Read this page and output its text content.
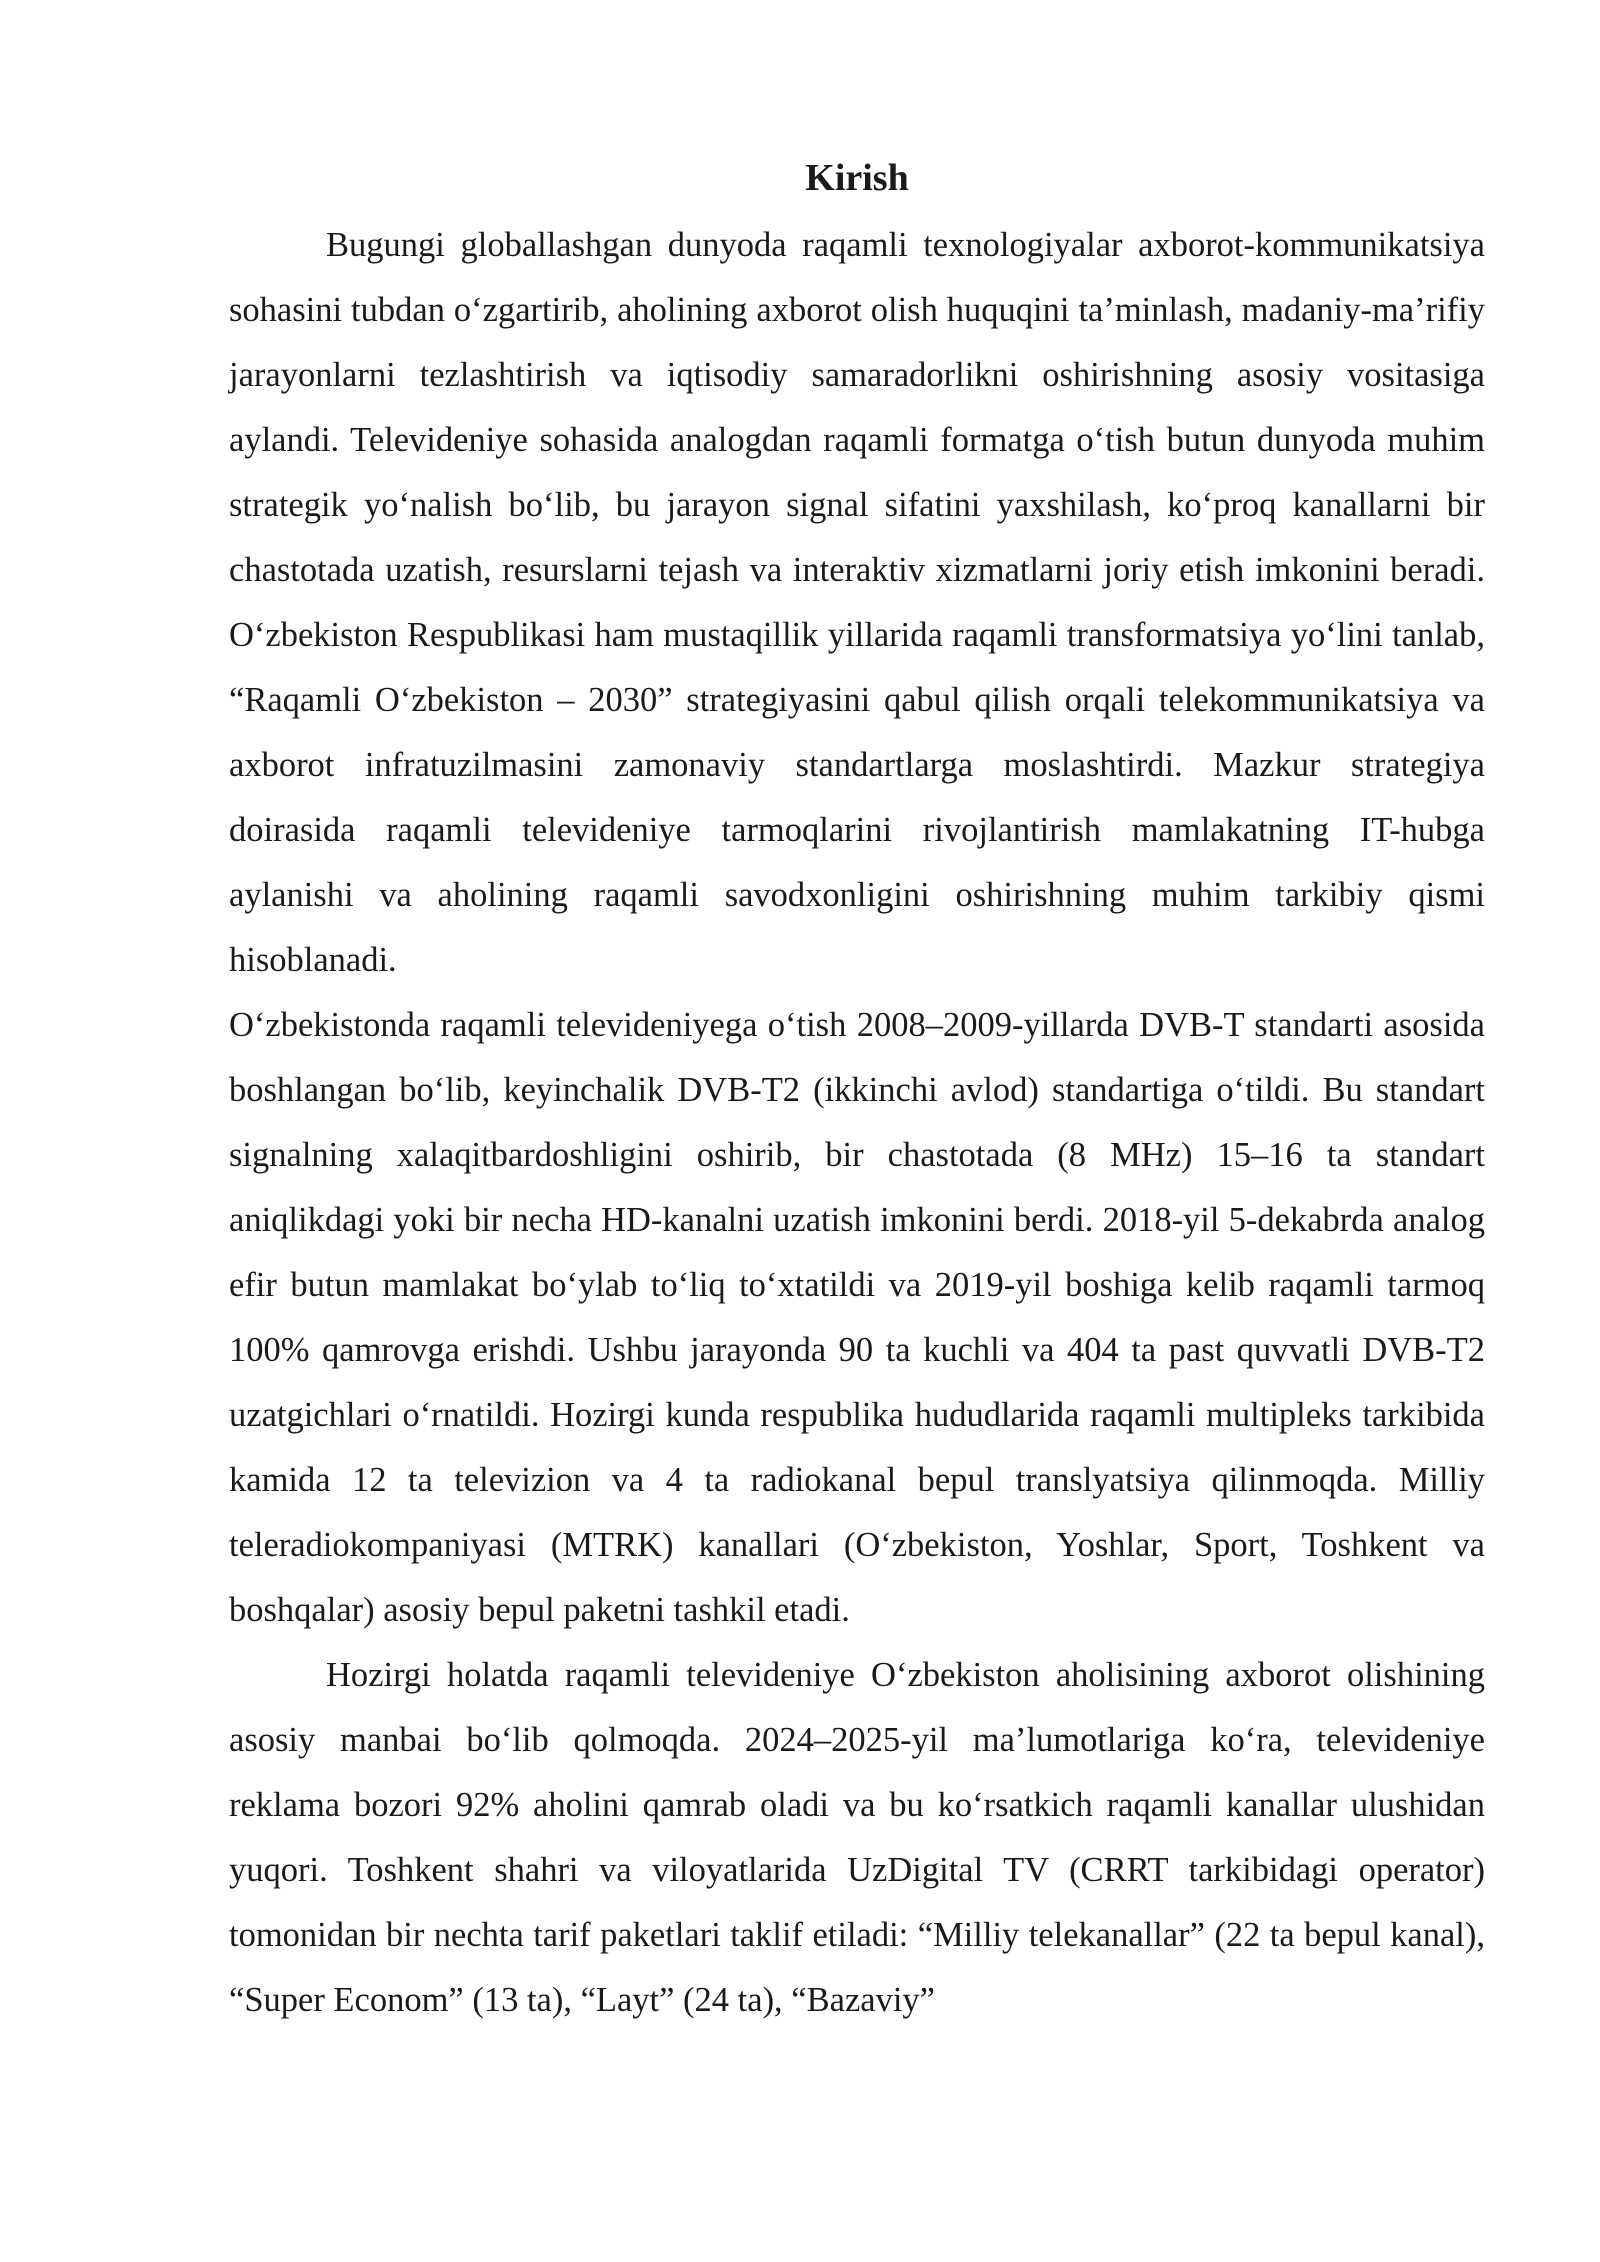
Kirish

Bugungi globallashgan dunyoda raqamli texnologiyalar axborot-kommunikatsiya sohasini tubdan o‘zgartirib, aholining axborot olish huquqini ta’minlash, madaniy-ma’rifiy jarayonlarni tezlashtirish va iqtisodiy samaradorlikni oshirishning asosiy vositasiga aylandi. Televideniye sohasida analogdan raqamli formatga o‘tish butun dunyoda muhim strategik yo‘nalish bo‘lib, bu jarayon signal sifatini yaxshilash, ko‘proq kanallarni bir chastotada uzatish, resurslarni tejash va interaktiv xizmatlarni joriy etish imkonini beradi. O‘zbekiston Respublikasi ham mustaqillik yillarida raqamli transformatsiya yo‘lini tanlab, “Raqamli O‘zbekiston – 2030” strategiyasini qabul qilish orqali telekommunikatsiya va axborot infratuzilmasini zamonaviy standartlarga moslashtirdi. Mazkur strategiya doirasida raqamli televideniye tarmoqlarini rivojlantirish mamlakatning IT-hubga aylanishi va aholining raqamli savodxonligini oshirishning muhim tarkibiy qismi hisoblanadi.

O‘zbekistonda raqamli televideniyega o‘tish 2008–2009-yillarda DVB-T standarti asosida boshlangan bo‘lib, keyinchalik DVB-T2 (ikkinchi avlod) standartiga o‘tildi. Bu standart signalning xalaqitbardoshligini oshirib, bir chastotada (8 MHz) 15–16 ta standart aniqlikdagi yoki bir necha HD-kanalni uzatish imkonini berdi. 2018-yil 5-dekabrda analog efir butun mamlakat bo‘ylab to‘liq to‘xtatildi va 2019-yil boshiga kelib raqamli tarmoq 100% qamrovga erishdi. Ushbu jarayonda 90 ta kuchli va 404 ta past quvvatli DVB-T2 uzatgichlari o‘rnatildi. Hozirgi kunda respublika hududlarida raqamli multipleks tarkibida kamida 12 ta televizion va 4 ta radiokanal bepul translyatsiya qilinmoqda. Milliy teleradiokompaniyasi (MTRK) kanallari (O‘zbekiston, Yoshlar, Sport, Toshkent va boshqalar) asosiy bepul paketni tashkil etadi.

Hozirgi holatda raqamli televideniye O‘zbekiston aholisining axborot olishining asosiy manbai bo‘lib qolmoqda. 2024–2025-yil ma’lumotlariga ko‘ra, televideniye reklama bozori 92% aholini qamrab oladi va bu ko‘rsatkich raqamli kanallar ulushidan yuqori. Toshkent shahri va viloyatlarida UzDigital TV (CRRT tarkibidagi operator) tomonidan bir nechta tarif paketlari taklif etiladi: “Milliy telekanallar” (22 ta bepul kanal), “Super Econom” (13 ta), “Layt” (24 ta), “Bazaviy”
